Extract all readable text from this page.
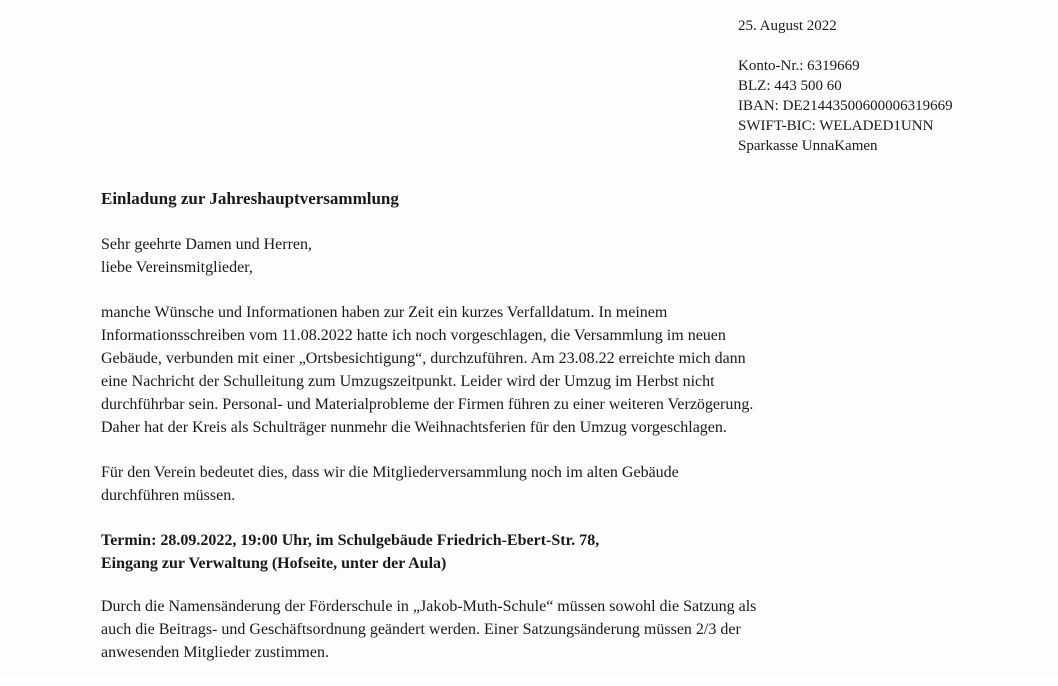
25. August 2022
Konto-Nr.: 6319669
BLZ: 443 500 60
IBAN: DE21443500600006319669
SWIFT-BIC: WELADED1UNN
Sparkasse UnnaKamen
Einladung zur Jahreshauptversammlung
Sehr geehrte Damen und Herren,
liebe Vereinsmitglieder,
manche Wünsche und Informationen haben zur Zeit ein kurzes Verfalldatum. In meinem
Informationsschreiben vom 11.08.2022 hatte ich noch vorgeschlagen, die Versammlung im neuen
Gebäude, verbunden mit einer „Ortsbesichtigung“, durchzuführen. Am 23.08.22 erreichte mich dann
eine Nachricht der Schulleitung zum Umzugszeitpunkt. Leider wird der Umzug im Herbst nicht
durchführbar sein. Personal- und Materialprobleme der Firmen führen zu einer weiteren Verzögerung.
Daher hat der Kreis als Schulträger nunmehr die Weihnachtsferien für den Umzug vorgeschlagen.
Für den Verein bedeutet dies, dass wir die Mitgliederversammlung noch im alten Gebäude
durchführen müssen.
Termin: 28.09.2022, 19:00 Uhr, im Schulgebäude Friedrich-Ebert-Str. 78,
Eingang zur Verwaltung (Hofseite, unter der Aula)
Durch die Namensänderung der Förderschule in „Jakob-Muth-Schule“ müssen sowohl die Satzung als
auch die Beitrags- und Geschäftsordnung geändert werden. Einer Satzungsänderung müssen 2/3 der
anwesenden Mitglieder zustimmen.
